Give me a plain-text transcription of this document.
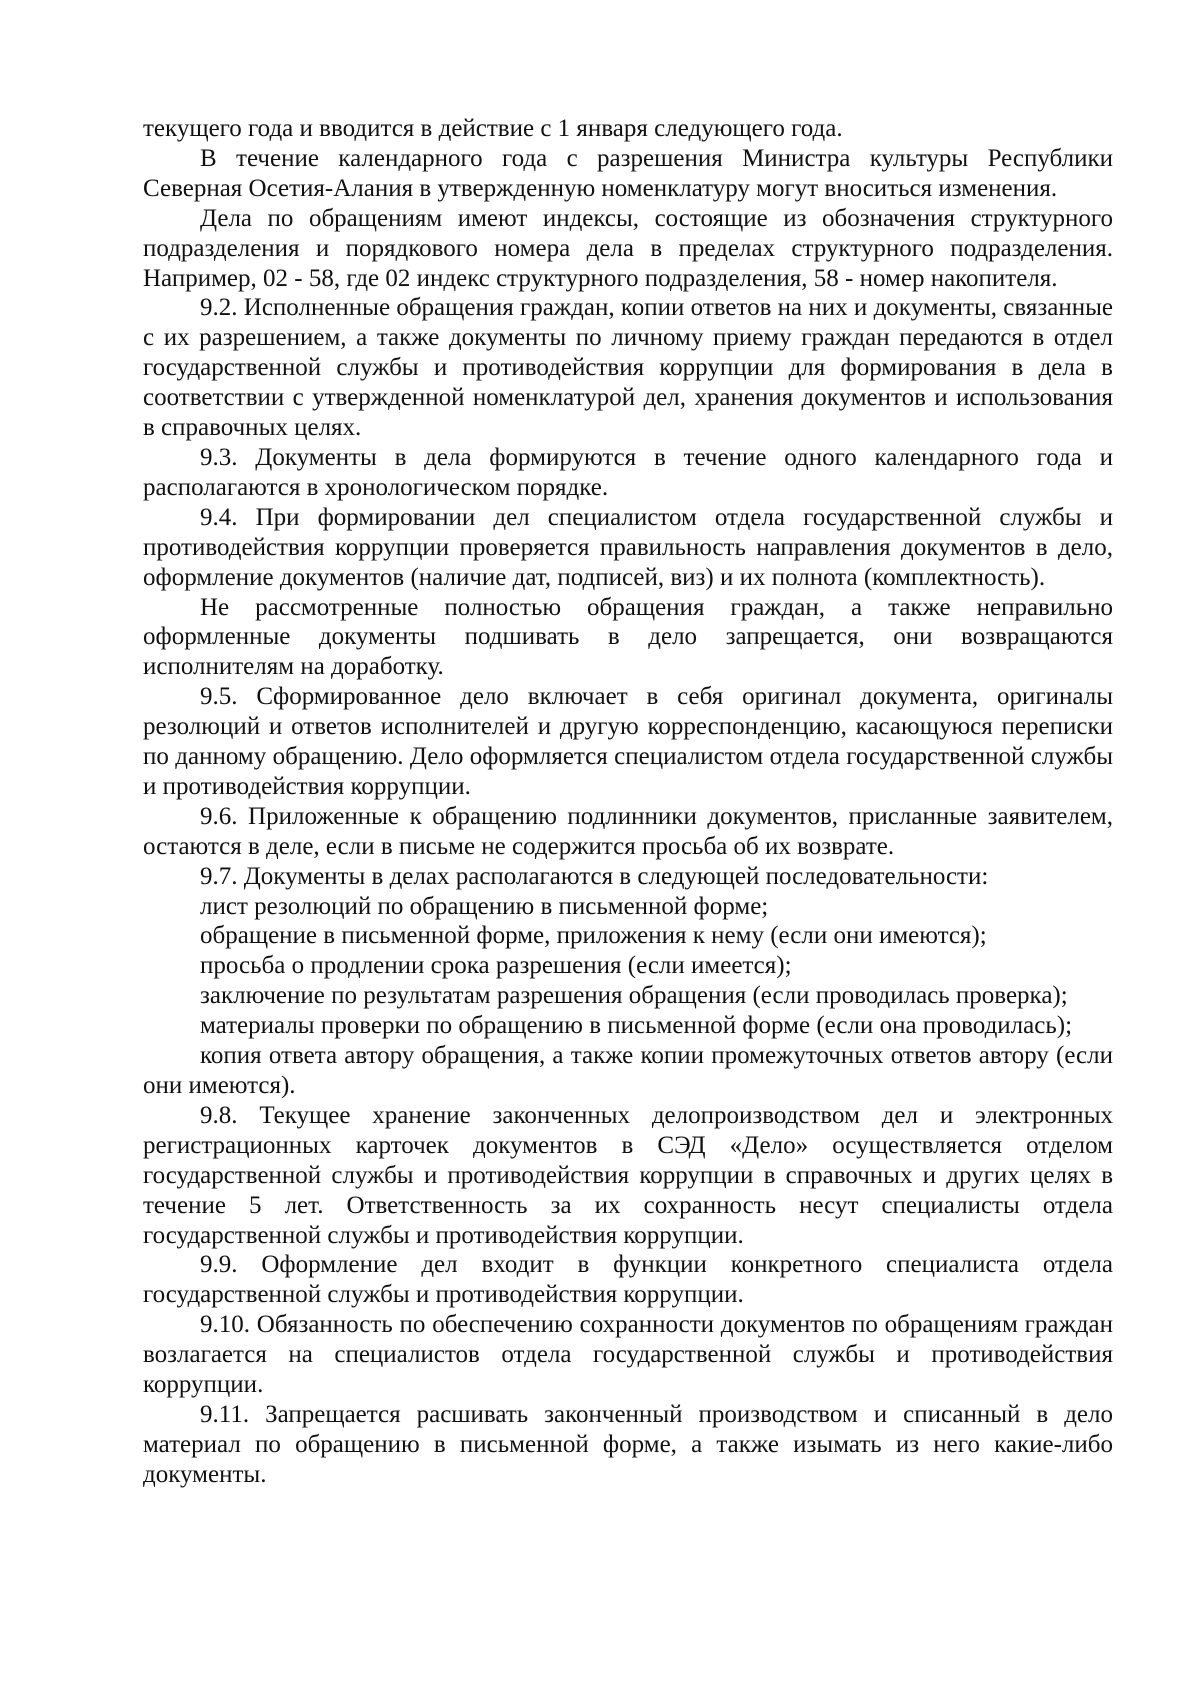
текущего года и вводится в действие с 1 января следующего года.

В течение календарного года с разрешения Министра культуры Республики Северная Осетия-Алания в утвержденную номенклатуру могут вноситься изменения.

Дела по обращениям имеют индексы, состоящие из обозначения структурного подразделения и порядкового номера дела в пределах структурного подразделения. Например, 02 - 58, где 02 индекс структурного подразделения, 58 - номер накопителя.

9.2. Исполненные обращения граждан, копии ответов на них и документы, связанные с их разрешением, а также документы по личному приему граждан передаются в отдел государственной службы и противодействия коррупции для формирования в дела в соответствии с утвержденной номенклатурой дел, хранения документов и использования в справочных целях.

9.3. Документы в дела формируются в течение одного календарного года и располагаются в хронологическом порядке.

9.4. При формировании дел специалистом отдела государственной службы и противодействия коррупции проверяется правильность направления документов в дело, оформление документов (наличие дат, подписей, виз) и их полнота (комплектность).

Не рассмотренные полностью обращения граждан, а также неправильно оформленные документы подшивать в дело запрещается, они возвращаются исполнителям на доработку.

9.5. Сформированное дело включает в себя оригинал документа, оригиналы резолюций и ответов исполнителей и другую корреспонденцию, касающуюся переписки по данному обращению. Дело оформляется специалистом отдела государственной службы и противодействия коррупции.

9.6. Приложенные к обращению подлинники документов, присланные заявителем, остаются в деле, если в письме не содержится просьба об их возврате.

9.7. Документы в делах располагаются в следующей последовательности:

лист резолюций по обращению в письменной форме;

обращение в письменной форме, приложения к нему (если они имеются);

просьба о продлении срока разрешения (если имеется);

заключение по результатам разрешения обращения (если проводилась проверка);

материалы проверки по обращению в письменной форме (если она проводилась);

копия ответа автору обращения, а также копии промежуточных ответов автору (если они имеются).

9.8. Текущее хранение законченных делопроизводством дел и электронных регистрационных карточек документов в СЭД «Дело» осуществляется отделом государственной службы и противодействия коррупции в справочных и других целях в течение 5 лет. Ответственность за их сохранность несут специалисты отдела государственной службы и противодействия коррупции.

9.9. Оформление дел входит в функции конкретного специалиста отдела государственной службы и противодействия коррупции.

9.10. Обязанность по обеспечению сохранности документов по обращениям граждан возлагается на специалистов отдела государственной службы и противодействия коррупции.

9.11. Запрещается расшивать законченный производством и списанный в дело материал по обращению в письменной форме, а также изымать из него какие-либо документы.
